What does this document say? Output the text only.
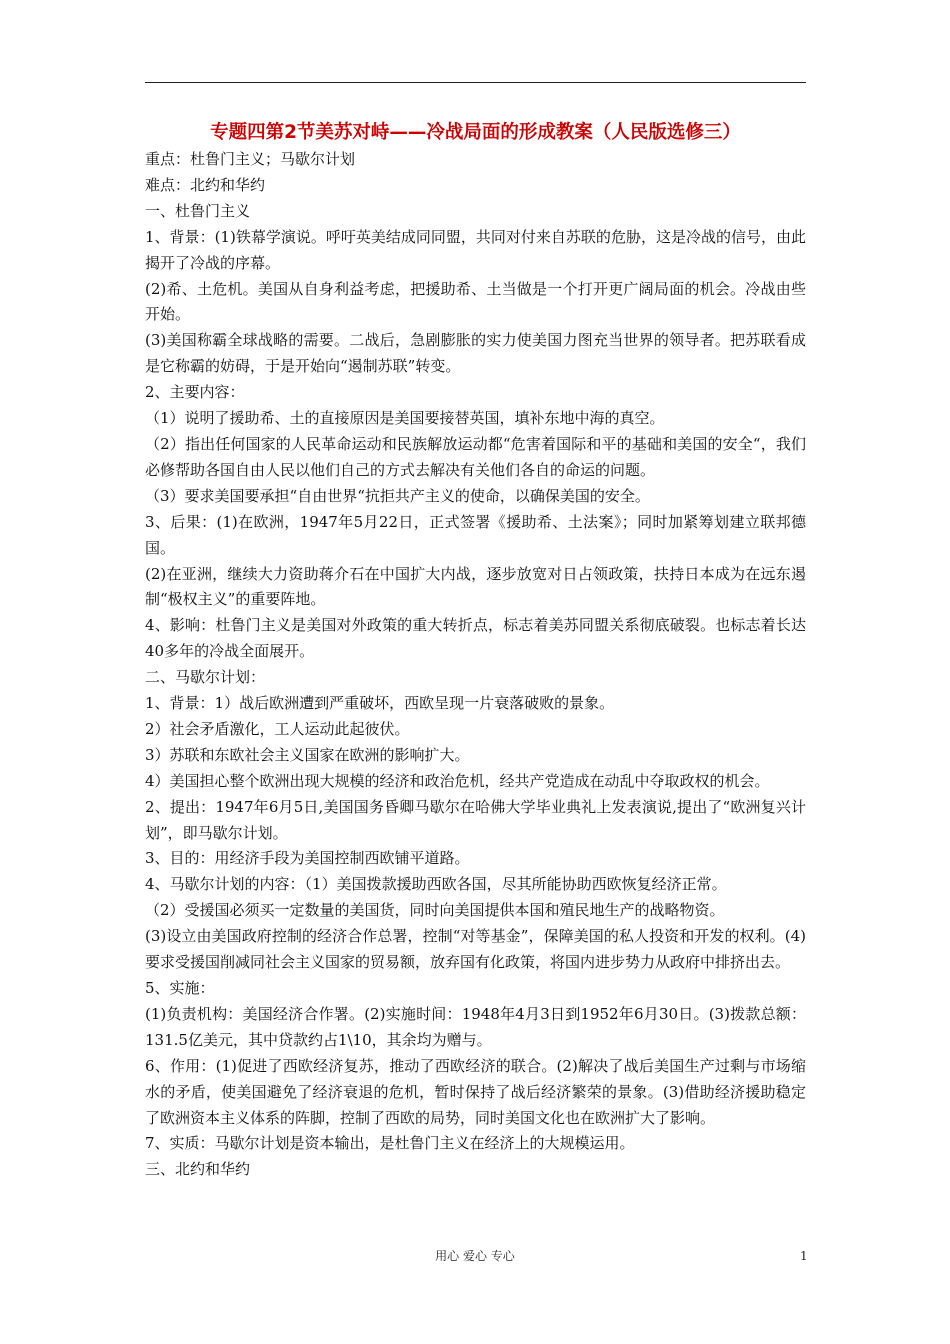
专题四第2节美苏对峙——冷战局面的形成教案（人民版选修三）

重点：杜鲁门主义；马歇尔计划

难点：北约和华约

一、杜鲁门主义

1、背景：(1)铁幕学演说。呼吁英美结成同同盟，共同对付来自苏联的危胁，这是冷战的信号，由此揭开了冷战的序幕。

(2)希、土危机。美国从自身利益考虑，把援助希、土当做是一个打开更广阔局面的机会。冷战由些开始。

(3)美国称霸全球战略的需要。二战后，急剧膨胀的实力使美国力图充当世界的领导者。把苏联看成是它称霸的妨碍，于是开始向“遏制苏联”转变。

2、主要内容：

（1）说明了援助希、土的直接原因是美国要接替英国，填补东地中海的真空。

（2）指出任何国家的人民革命运动和民族解放运动都“危害着国际和平的基础和美国的安全“，我们必修帮助各国自由人民以他们自己的方式去解决有关他们各自的命运的问题。

（3）要求美国要承担“自由世界“抗拒共产主义的使命，以确保美国的安全。

3、后果：(1)在欧洲，1947年5月22日，正式签署《援助希、土法案》；同时加紧筹划建立联邦德国。

(2)在亚洲，继续大力资助蒋介石在中国扩大内战，逐步放宽对日占领政策，扶持日本成为在远东遏制“极权主义”的重要阵地。

4、影响：杜鲁门主义是美国对外政策的重大转折点，标志着美苏同盟关系彻底破裂。也标志着长达40多年的冷战全面展开。

二、马歇尔计划：

1、背景：1）战后欧洲遭到严重破坏，西欧呈现一片衰落破败的景象。

2）社会矛盾激化，工人运动此起彼伏。

3）苏联和东欧社会主义国家在欧洲的影响扩大。

4）美国担心整个欧洲出现大规模的经济和政治危机，经共产党造成在动乱中夺取政权的机会。

2、提出：1947年6月5日,美国国务昏卿马歇尔在哈佛大学毕业典礼上发表演说,提出了“欧洲复兴计划”，即马歇尔计划。

3、目的：用经济手段为美国控制西欧铺平道路。

4、马歇尔计划的内容：（1）美国拨款援助西欧各国，尽其所能协助西欧恢复经济正常。

（2）受援国必须买一定数量的美国货，同时向美国提供本国和殖民地生产的战略物资。

(3)设立由美国政府控制的经济合作总署，控制“对等基金”，保障美国的私人投资和开发的权利。(4)要求受援国削减同社会主义国家的贸易额，放弃国有化政策，将国内进步势力从政府中排挤出去。

5、实施：

(1)负责机构：美国经济合作署。(2)实施时间：1948年4月3日到1952年6月30日。(3)拨款总额：131.5亿美元，其中贷款约占1\10，其余均为赠与。

6、作用：(1)促进了西欧经济复苏，推动了西欧经济的联合。(2)解决了战后美国生产过剩与市场缩水的矛盾，使美国避免了经济衰退的危机，暂时保持了战后经济繁荣的景象。(3)借助经济援助稳定了欧洲资本主义体系的阵脚，控制了西欧的局势，同时美国文化也在欧洲扩大了影响。

7、实质：马歇尔计划是资本输出，是杜鲁门主义在经济上的大规模运用。

三、北约和华约

用心 爱心 专心	1
